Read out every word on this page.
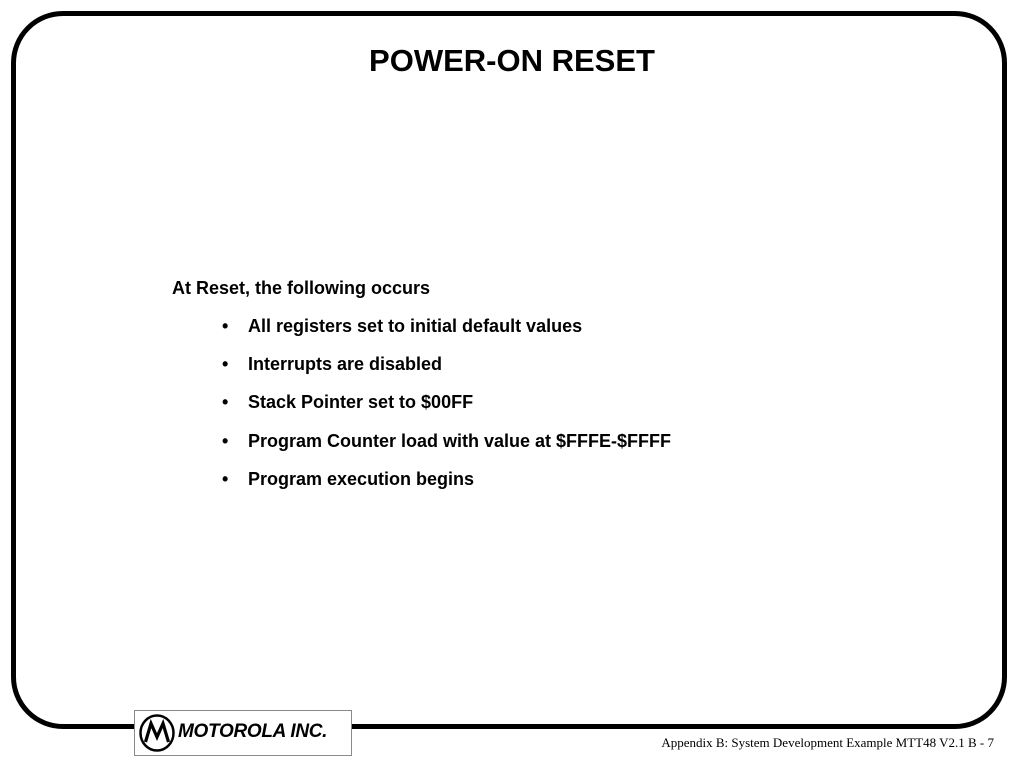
POWER-ON RESET
At Reset, the following occurs
•	All registers set to initial default values
•	Interrupts are disabled
•	Stack Pointer set to $00FF
•	Program Counter load with value at $FFFE-$FFFF
•	Program execution begins
MOTOROLA INC.
Appendix B: System Development Example MTT48 V2.1 B - 7
